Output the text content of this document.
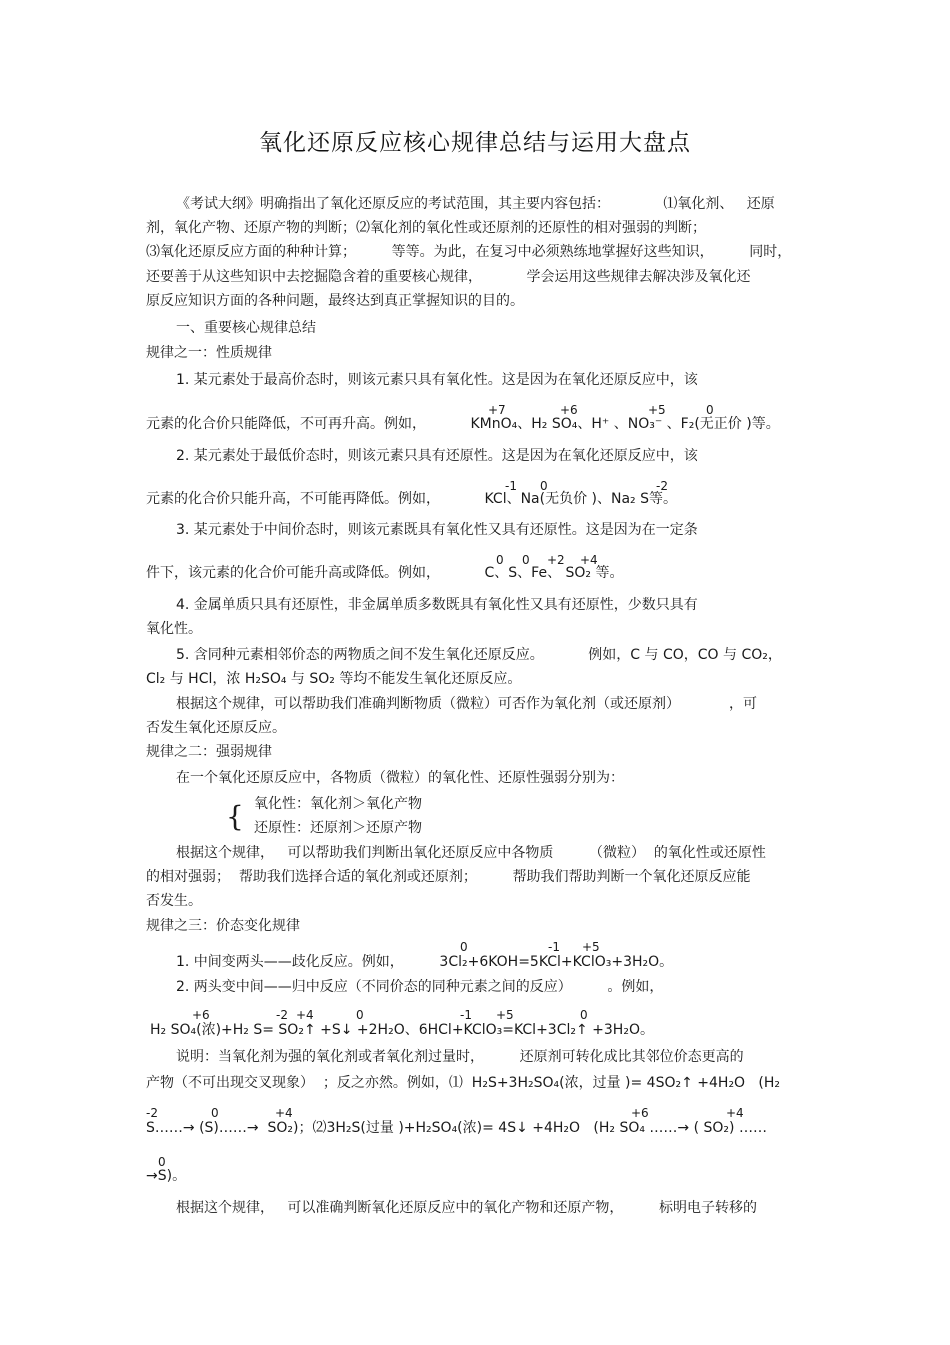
氧化还原反应核心规律总结与运用大盘点
《考试大纲》明确指出了氧化还原反应的考试范围，其主要内容包括：            ⑴氧化剂、   还原
剂，氧化产物、还原产物的判断；⑵氧化剂的氧化性或还原剂的还原性的相对强弱的判断；
⑶氧化还原反应方面的种种计算；        等等。为此，在复习中必须熟练地掌握好这些知识，        同时，
还要善于从这些知识中去挖掘隐含着的重要核心规律，          学会运用这些规律去解决涉及氧化还
原反应知识方面的各种问题，最终达到真正掌握知识的目的。
一、重要核心规律总结
规律之一：性质规律
1. 某元素处于最高价态时，则该元素只具有氧化性。这是因为在氧化还原反应中，该
+7	+6	+5	0
元素的化合价只能降低，不可再升高。例如，          KMnO₄、H₂ SO₄、H⁺ 、NO₃⁻ 、F₂(无正价 )等。
2. 某元素处于最低价态时，则该元素只具有还原性。这是因为在氧化还原反应中，该
-1 0	-2
元素的化合价只能升高，不可能再降低。例如，          KCl、Na(无负价 )、Na₂ S等。
3. 某元素处于中间价态时，则该元素既具有氧化性又具有还原性。这是因为在一定条
0 0 +2 +4
件下，该元素的化合价可能升高或降低。例如，          C、S、Fe、 SO₂ 等。
4. 金属单质只具有还原性，非金属单质多数既具有氧化性又具有还原性，少数只具有
氧化性。
5. 含同种元素相邻价态的两物质之间不发生氧化还原反应。          例如，C 与 CO，CO 与 CO₂，
Cl₂ 与 HCl，浓 H₂SO₄ 与 SO₂ 等均不能发生氧化还原反应。
根据这个规律，可以帮助我们准确判断物质（微粒）可否作为氧化剂（或还原剂）           ，可
否发生氧化还原反应。
规律之二：强弱规律
在一个氧化还原反应中，各物质（微粒）的氧化性、还原性强弱分别为：
{ 氧化性：氧化剂＞氧化产物
还原性：还原剂＞还原产物
根据这个规律，   可以帮助我们判断出氧化还原反应中各物质        （微粒）  的氧化性或还原性
的相对强弱；  帮助我们选择合适的氧化剂或还原剂；        帮助我们帮助判断一个氧化还原反应能
否发生。
规律之三：价态变化规律
0	-1 +5
1. 中间变两头——歧化反应。例如，        3Cl₂+6KOH=5KCl+KClO₃+3H₂O。
2. 两头变中间——归中反应（不同价态的同种元素之间的反应）        。例如，
+6	-2 +4	0	-1 +5	0
H₂ SO₄(浓)+H₂ S= SO₂↑ +S↓ +2H₂O、6HCl+KClO₃=KCl+3Cl₂↑ +3H₂O。
说明：当氧化剂为强的氧化剂或者氧化剂过量时，        还原剂可转化成比其邻位价态更高的
产物（不可出现交叉现象）  ；反之亦然。例如，⑴  H₂S+3H₂SO₄(浓，过量 )= 4SO₂↑ +4H₂O   (H₂
-2	0	+4	+6	+4
S……→ (S)……→  SO₂)；⑵3H₂S(过量 )+H₂SO₄(浓)= 4S↓ +4H₂O   (H₂ SO₄ ……→ ( SO₂) ……
0
→S)。
根据这个规律，   可以准确判断氧化还原反应中的氧化产物和还原产物，        标明电子转移的
